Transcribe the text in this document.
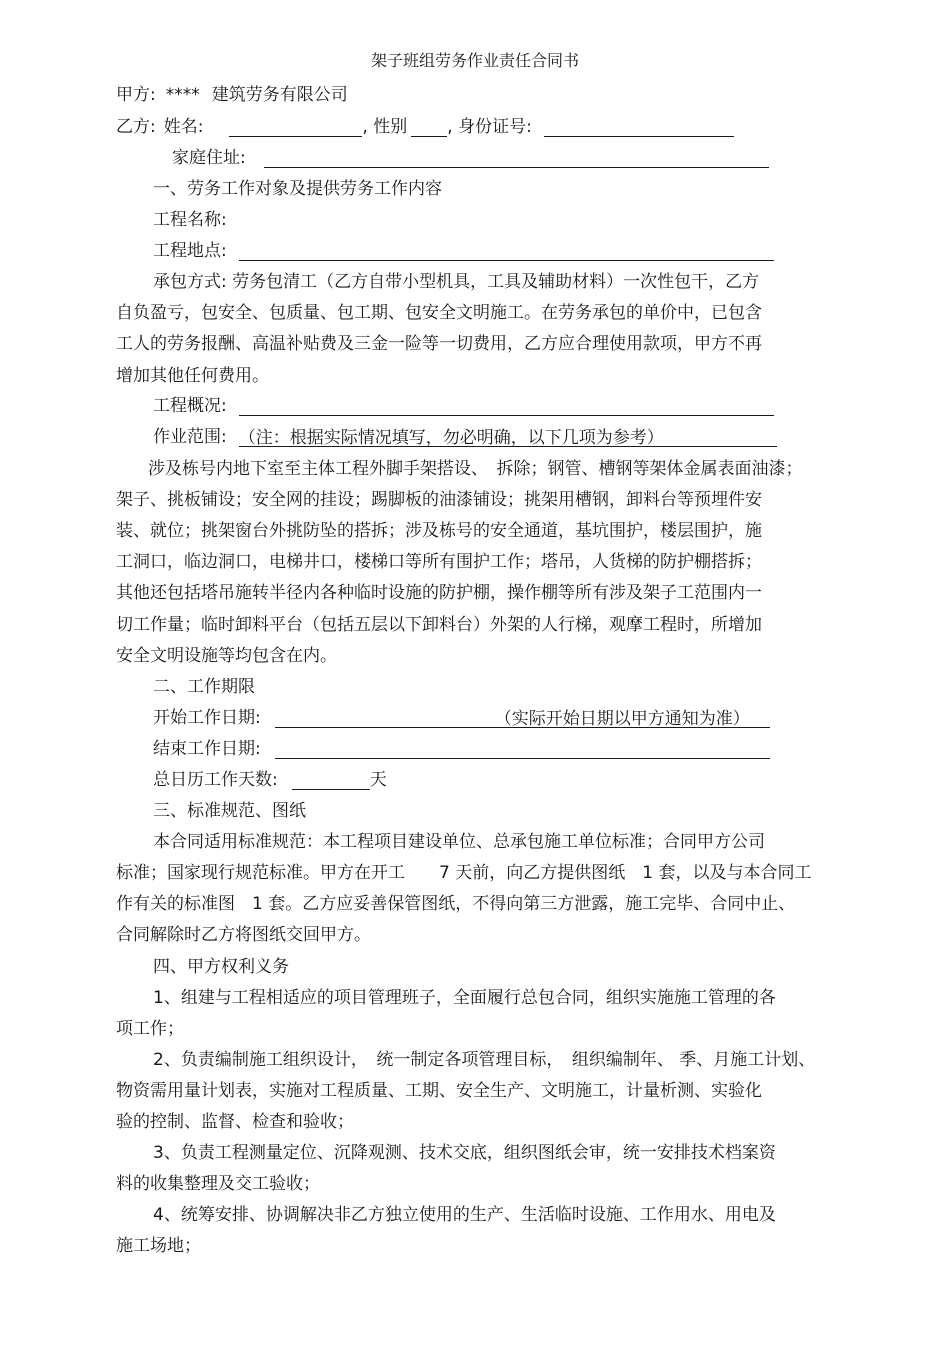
架子班组劳务作业责任合同书
甲方: **** 建筑劳务有限公司
乙方: 姓名:	, 性别 , 身份证号:
家庭住址:
一、劳务工作对象及提供劳务工作内容
工程名称:
工程地点:
承包方式: 劳务包清工（乙方自带小型机具，工具及辅助材料）一次性包干，乙方
自负盈亏，包安全、包质量、包工期、包安全文明施工。在劳务承包的单价中，已包含
工人的劳务报酬、高温补贴费及三金一险等一切费用，乙方应合理使用款项，甲方不再
增加其他任何费用。
工程概况:
作业范围: （注：根据实际情况填写，勿必明确，以下几项为参考）
涉及栋号内地下室至主体工程外脚手架搭设、　拆除；钢管、槽钢等架体金属表面油漆；
架子、挑板铺设；安全网的挂设；踢脚板的油漆铺设；挑架用槽钢，卸料台等预埋件安
装、就位；挑架窗台外挑防坠的搭拆；涉及栋号的安全通道，基坑围护，楼层围护，施
工洞口，临边洞口，电梯井口，楼梯口等所有围护工作；塔吊，人货梯的防护棚搭拆；
其他还包括塔吊施转半径内各种临时设施的防护棚，操作棚等所有涉及架子工范围内一
切工作量；临时卸料平台（包括五层以下卸料台）外架的人行梯，观摩工程时，所增加
安全文明设施等均包含在内。
二、工作期限
开始工作日期:	（实际开始日期以甲方通知为准）
结束工作日期:
总日历工作天数:	天
三、标准规范、图纸
本合同适用标准规范：本工程项目建设单位、总承包施工单位标准；合同甲方公司
标准；国家现行规范标准。甲方在开工　　7 天前，向乙方提供图纸　1 套，以及与本合同工
作有关的标准图　1 套。乙方应妥善保管图纸，不得向第三方泄露，施工完毕、合同中止、
合同解除时乙方将图纸交回甲方。
四、甲方权利义务
1、组建与工程相适应的项目管理班子，全面履行总包合同，组织实施施工管理的各
项工作；
2、负责编制施工组织设计，　统一制定各项管理目标，　组织编制年、 季、月施工计划、
物资需用量计划表，实施对工程质量、工期、安全生产、文明施工，计量析测、实验化
验的控制、监督、检查和验收；
3、负责工程测量定位、沉降观测、技术交底，组织图纸会审，统一安排技术档案资
料的收集整理及交工验收；
4、统筹安排、协调解决非乙方独立使用的生产、生活临时设施、工作用水、用电及
施工场地；
